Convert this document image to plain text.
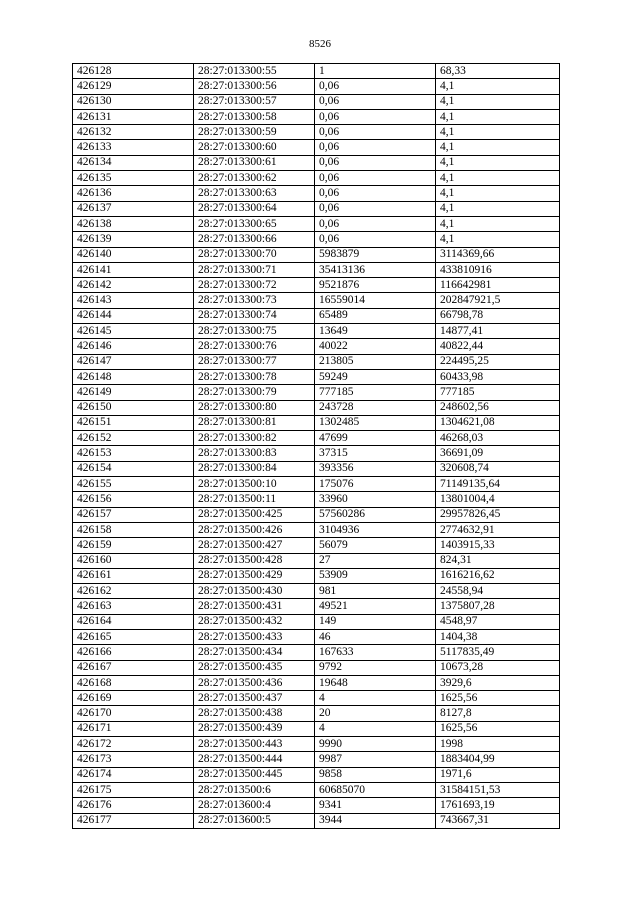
8526
426128	28:27:013300:55	1	68,33
426129	28:27:013300:56	0,06	4,1
426130	28:27:013300:57	0,06	4,1
426131	28:27:013300:58	0,06	4,1
426132	28:27:013300:59	0,06	4,1
426133	28:27:013300:60	0,06	4,1
426134	28:27:013300:61	0,06	4,1
426135	28:27:013300:62	0,06	4,1
426136	28:27:013300:63	0,06	4,1
426137	28:27:013300:64	0,06	4,1
426138	28:27:013300:65	0,06	4,1
426139	28:27:013300:66	0,06	4,1
426140	28:27:013300:70	5983879	3114369,66
426141	28:27:013300:71	35413136	433810916
426142	28:27:013300:72	9521876	116642981
426143	28:27:013300:73	16559014	202847921,5
426144	28:27:013300:74	65489	66798,78
426145	28:27:013300:75	13649	14877,41
426146	28:27:013300:76	40022	40822,44
426147	28:27:013300:77	213805	224495,25
426148	28:27:013300:78	59249	60433,98
426149	28:27:013300:79	777185	777185
426150	28:27:013300:80	243728	248602,56
426151	28:27:013300:81	1302485	1304621,08
426152	28:27:013300:82	47699	46268,03
426153	28:27:013300:83	37315	36691,09
426154	28:27:013300:84	393356	320608,74
426155	28:27:013500:10	175076	71149135,64
426156	28:27:013500:11	33960	13801004,4
426157	28:27:013500:425	57560286	29957826,45
426158	28:27:013500:426	3104936	2774632,91
426159	28:27:013500:427	56079	1403915,33
426160	28:27:013500:428	27	824,31
426161	28:27:013500:429	53909	1616216,62
426162	28:27:013500:430	981	24558,94
426163	28:27:013500:431	49521	1375807,28
426164	28:27:013500:432	149	4548,97
426165	28:27:013500:433	46	1404,38
426166	28:27:013500:434	167633	5117835,49
426167	28:27:013500:435	9792	10673,28
426168	28:27:013500:436	19648	3929,6
426169	28:27:013500:437	4	1625,56
426170	28:27:013500:438	20	8127,8
426171	28:27:013500:439	4	1625,56
426172	28:27:013500:443	9990	1998
426173	28:27:013500:444	9987	1883404,99
426174	28:27:013500:445	9858	1971,6
426175	28:27:013500:6	60685070	31584151,53
426176	28:27:013600:4	9341	1761693,19
426177	28:27:013600:5	3944	743667,31
